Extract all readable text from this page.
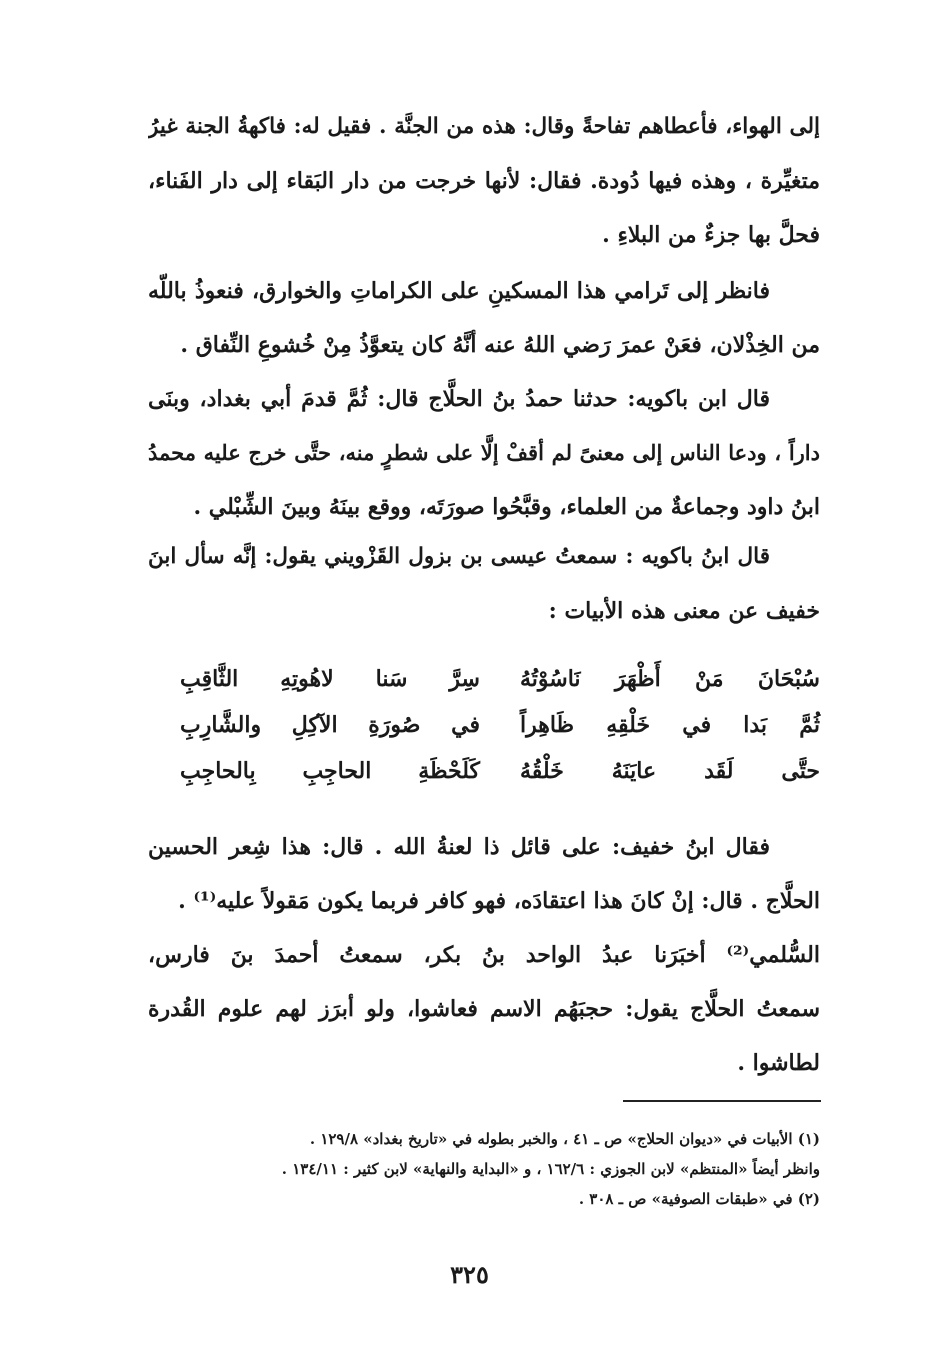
إلى الهواء، فأعطاهم تفاحةً وقال: هذه من الجنَّة . فقيل له: فاكهةُ الجنة غيرُ
متغيِّرة ، وهذه فيها دُودة. فقال: لأنها خرجت من دار البَقاء إلى دار الفَناء،
فحلَّ بها جزءٌ من البلاءِ .
فانظر إلى تَرامي هذا المسكينِ على الكراماتِ والخوارق، فنعوذُ باللّه
من الخِذْلان، فعَنْ عمرَ رَضي اللهُ عنه أنَّهُ كان يتعوَّذُ مِنْ خُشوعِ النِّفاق .
قال ابن باكويه: حدثنا حمدُ بنُ الحلَّاج قال: ثُمَّ قدمَ أبي بغداد، وبنَى
داراً ، ودعا الناس إلى معنىً لم أقفْ إلَّا على شطرٍ منه، حتَّى خرج عليه محمدُ
ابنُ داود وجماعةٌ من العلماء، وقبَّحُوا صورَتَه، ووقع بينَهُ وبينَ الشِّبْلي .
قال ابنُ باكويه : سمعتُ عيسى بن بزول القَزْويني يقول: إنَّه سأل ابنَ
خفيف عن معنى هذه الأبيات :
سُبْحَانَ مَنْ أَظْهَرَ نَاسُوْتُهُ
سِرَّ سَنا لاهُوتِهِ الثَّاقِبِ
ثُمَّ بَدا في خَلْقِهِ ظَاهِراً
في صُورَةِ الآكِلِ والشَّارِبِ
حتَّى لَقَد عايَنَهُ خَلْقُهُ
كَلَحْظَةِ الحاجِبِ بِالحاجِبِ
فقال ابنُ خفيف: على قائل ذا لعنةُ الله . قال: هذا شِعر الحسين
الحلَّاج . قال: إنْ كانَ هذا اعتقادَه، فهو كافر فربما يكون مَقولاً عليه⁽¹⁾ .
السُّلمي⁽²⁾ أخبَرَنا عبدُ الواحد بنُ بكر، سمعتُ أحمدَ بنَ فارس،
سمعتُ الحلَّاج يقول: حجبَهُم الاسم فعاشوا، ولو أبرَز لهم علوم القُدرة
لطاشوا .
(١) الأبيات في «ديوان الحلاج» ص ـ ٤١ ، والخبر بطوله في «تاريخ بغداد» ١٢٩/٨ .
وانظر أيضاً «المنتظم» لابن الجوزي : ١٦٢/٦ ، و «البداية والنهاية» لابن كثير : ١٣٤/١١ .
(٢) في «طبقات الصوفية» ص ـ ٣٠٨ .
٣٢٥
